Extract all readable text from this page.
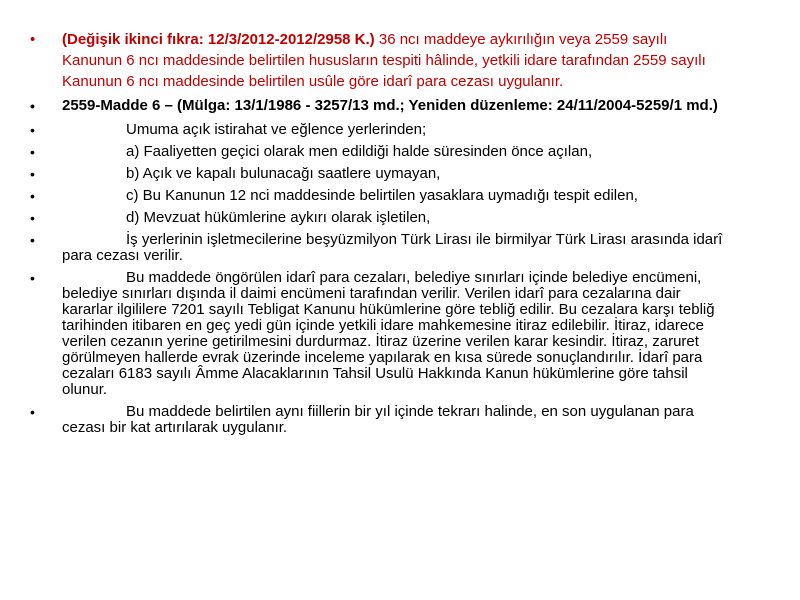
• (Değişik ikinci fıkra: 12/3/2012-2012/2958 K.) 36 ncı maddeye aykırılığın veya 2559 sayılı Kanunun 6 ncı maddesinde belirtilen hususların tespiti hâlinde, yetkili idare tarafından 2559 sayılı Kanunun 6 ncı maddesinde belirtilen usûle göre idarî para cezası uygulanır.
• 2559-Madde 6 – (Mülga: 13/1/1986 - 3257/13 md.; Yeniden düzenleme: 24/11/2004-5259/1 md.)
•	Umuma açık istirahat ve eğlence yerlerinden;
•	a) Faaliyetten geçici olarak men edildiği halde süresinden önce açılan,
•	b) Açık ve kapalı bulunacağı saatlere uymayan,
•	c) Bu Kanunun 12 nci maddesinde belirtilen yasaklara uymadığı tespit edilen,
•	d) Mevzuat hükümlerine aykırı olarak işletilen,
•	İş yerlerinin işletmecilerine beşyüzmilyon Türk Lirası ile birmilyar Türk Lirası arasında idarî para cezası verilir.
•	Bu maddede öngörülen idarî para cezaları, belediye sınırları içinde belediye encümeni, belediye sınırları dışında il daimi encümeni tarafından verilir. Verilen idarî para cezalarına dair kararlar ilgililere 7201 sayılı Tebligat Kanunu hükümlerine göre tebliğ edilir. Bu cezalara karşı tebliğ tarihinden itibaren en geç yedi gün içinde yetkili idare mahkemesine itiraz edilebilir. İtiraz, idarece verilen cezanın yerine getirilmesini durdurmaz. İtiraz üzerine verilen karar kesindir. İtiraz, zaruret görülmeyen hallerde evrak üzerinde inceleme yapılarak en kısa sürede sonuçlandırılır. İdarî para cezaları 6183 sayılı Âmme Alacaklarının Tahsil Usulü Hakkında Kanun hükümlerine göre tahsil olunur.
•	Bu maddede belirtilen aynı fiillerin bir yıl içinde tekrarı halinde, en son uygulanan para cezası bir kat artırılarak uygulanır.
